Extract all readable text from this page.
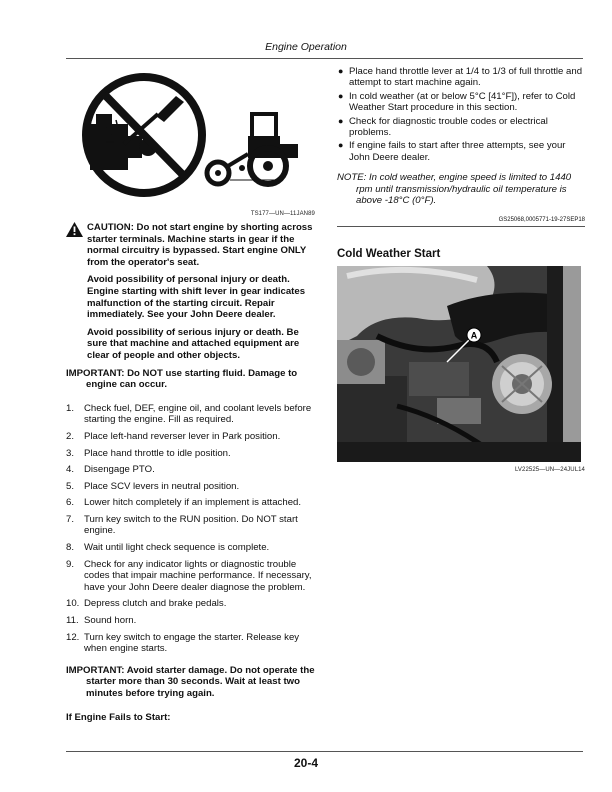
Engine Operation
TS177—UN—11JAN89

CAUTION: Do not start engine by shorting across starter terminals. Machine starts in gear if the normal circuitry is bypassed. Start engine ONLY from the operator's seat.

Avoid possibility of personal injury or death. Engine starting with shift lever in gear indicates malfunction of the starting circuit. Repair immediately. See your John Deere dealer.

Avoid possibility of serious injury or death. Be sure that machine and attached equipment are clear of people and other objects.

IMPORTANT: Do NOT use starting fluid. Damage to engine can occur.

1. Check fuel, DEF, engine oil, and coolant levels before starting the engine. Fill as required.
2. Place left-hand reverser lever in Park position.
3. Place hand throttle to idle position.
4. Disengage PTO.
5. Place SCV levers in neutral position.
6. Lower hitch completely if an implement is attached.
7. Turn key switch to the RUN position. Do NOT start engine.
8. Wait until light check sequence is complete.
9. Check for any indicator lights or diagnostic trouble codes that impair machine performance. If necessary, have your John Deere dealer diagnose the problem.
10. Depress clutch and brake pedals.
11. Sound horn.
12. Turn key switch to engage the starter. Release key when engine starts.

IMPORTANT: Avoid starter damage. Do not operate the starter more than 30 seconds. Wait at least two minutes before trying again.

If Engine Fails to Start:
● Place hand throttle lever at 1/4 to 1/3 of full throttle and attempt to start machine again.
● In cold weather (at or below 5°C [41°F]), refer to Cold Weather Start procedure in this section.
● Check for diagnostic trouble codes or electrical problems.
● If engine fails to start after three attempts, see your John Deere dealer.
NOTE: In cold weather, engine speed is limited to 1440 rpm until transmission/hydraulic oil temperature is above -18°C (0°F).
GS25068,0005771-19-27SEP18
Cold Weather Start
A
LV22525—UN—24JUL14
20-4
